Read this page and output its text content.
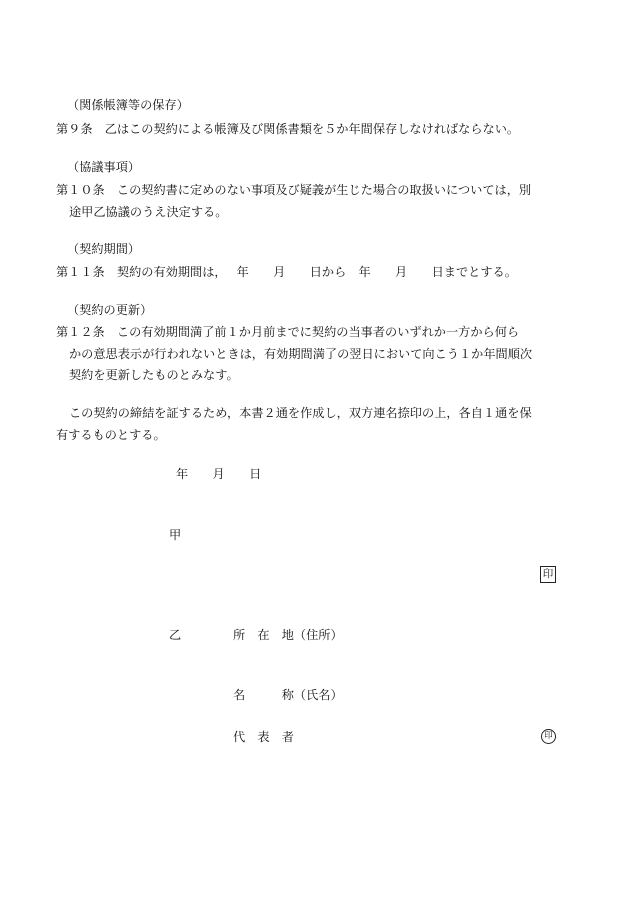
（関係帳簿等の保存）
第９条　乙はこの契約による帳簿及び関係書類を５か年間保存しなければならない。
（協議事項）
第１０条　この契約書に定めのない事項及び疑義が生じた場合の取扱いについては，別
途甲乙協議のうえ決定する。
（契約期間）
第１１条　契約の有効期間は，　 年　　月　　日から　年　　月　　日までとする。
（契約の更新）
第１２条　この有効期間満了前１か月前までに契約の当事者のいずれか一方から何ら
かの意思表示が行われないときは，有効期間満了の翌日において向こう１か年間順次
契約を更新したものとみなす。
この契約の締結を証するため，本書２通を作成し，双方連名捺印の上，各自１通を保
有するものとする。
年　　月　　日
甲
印
乙	所　在　地（住所）
名　　　称（氏名）
代　表　者	印
